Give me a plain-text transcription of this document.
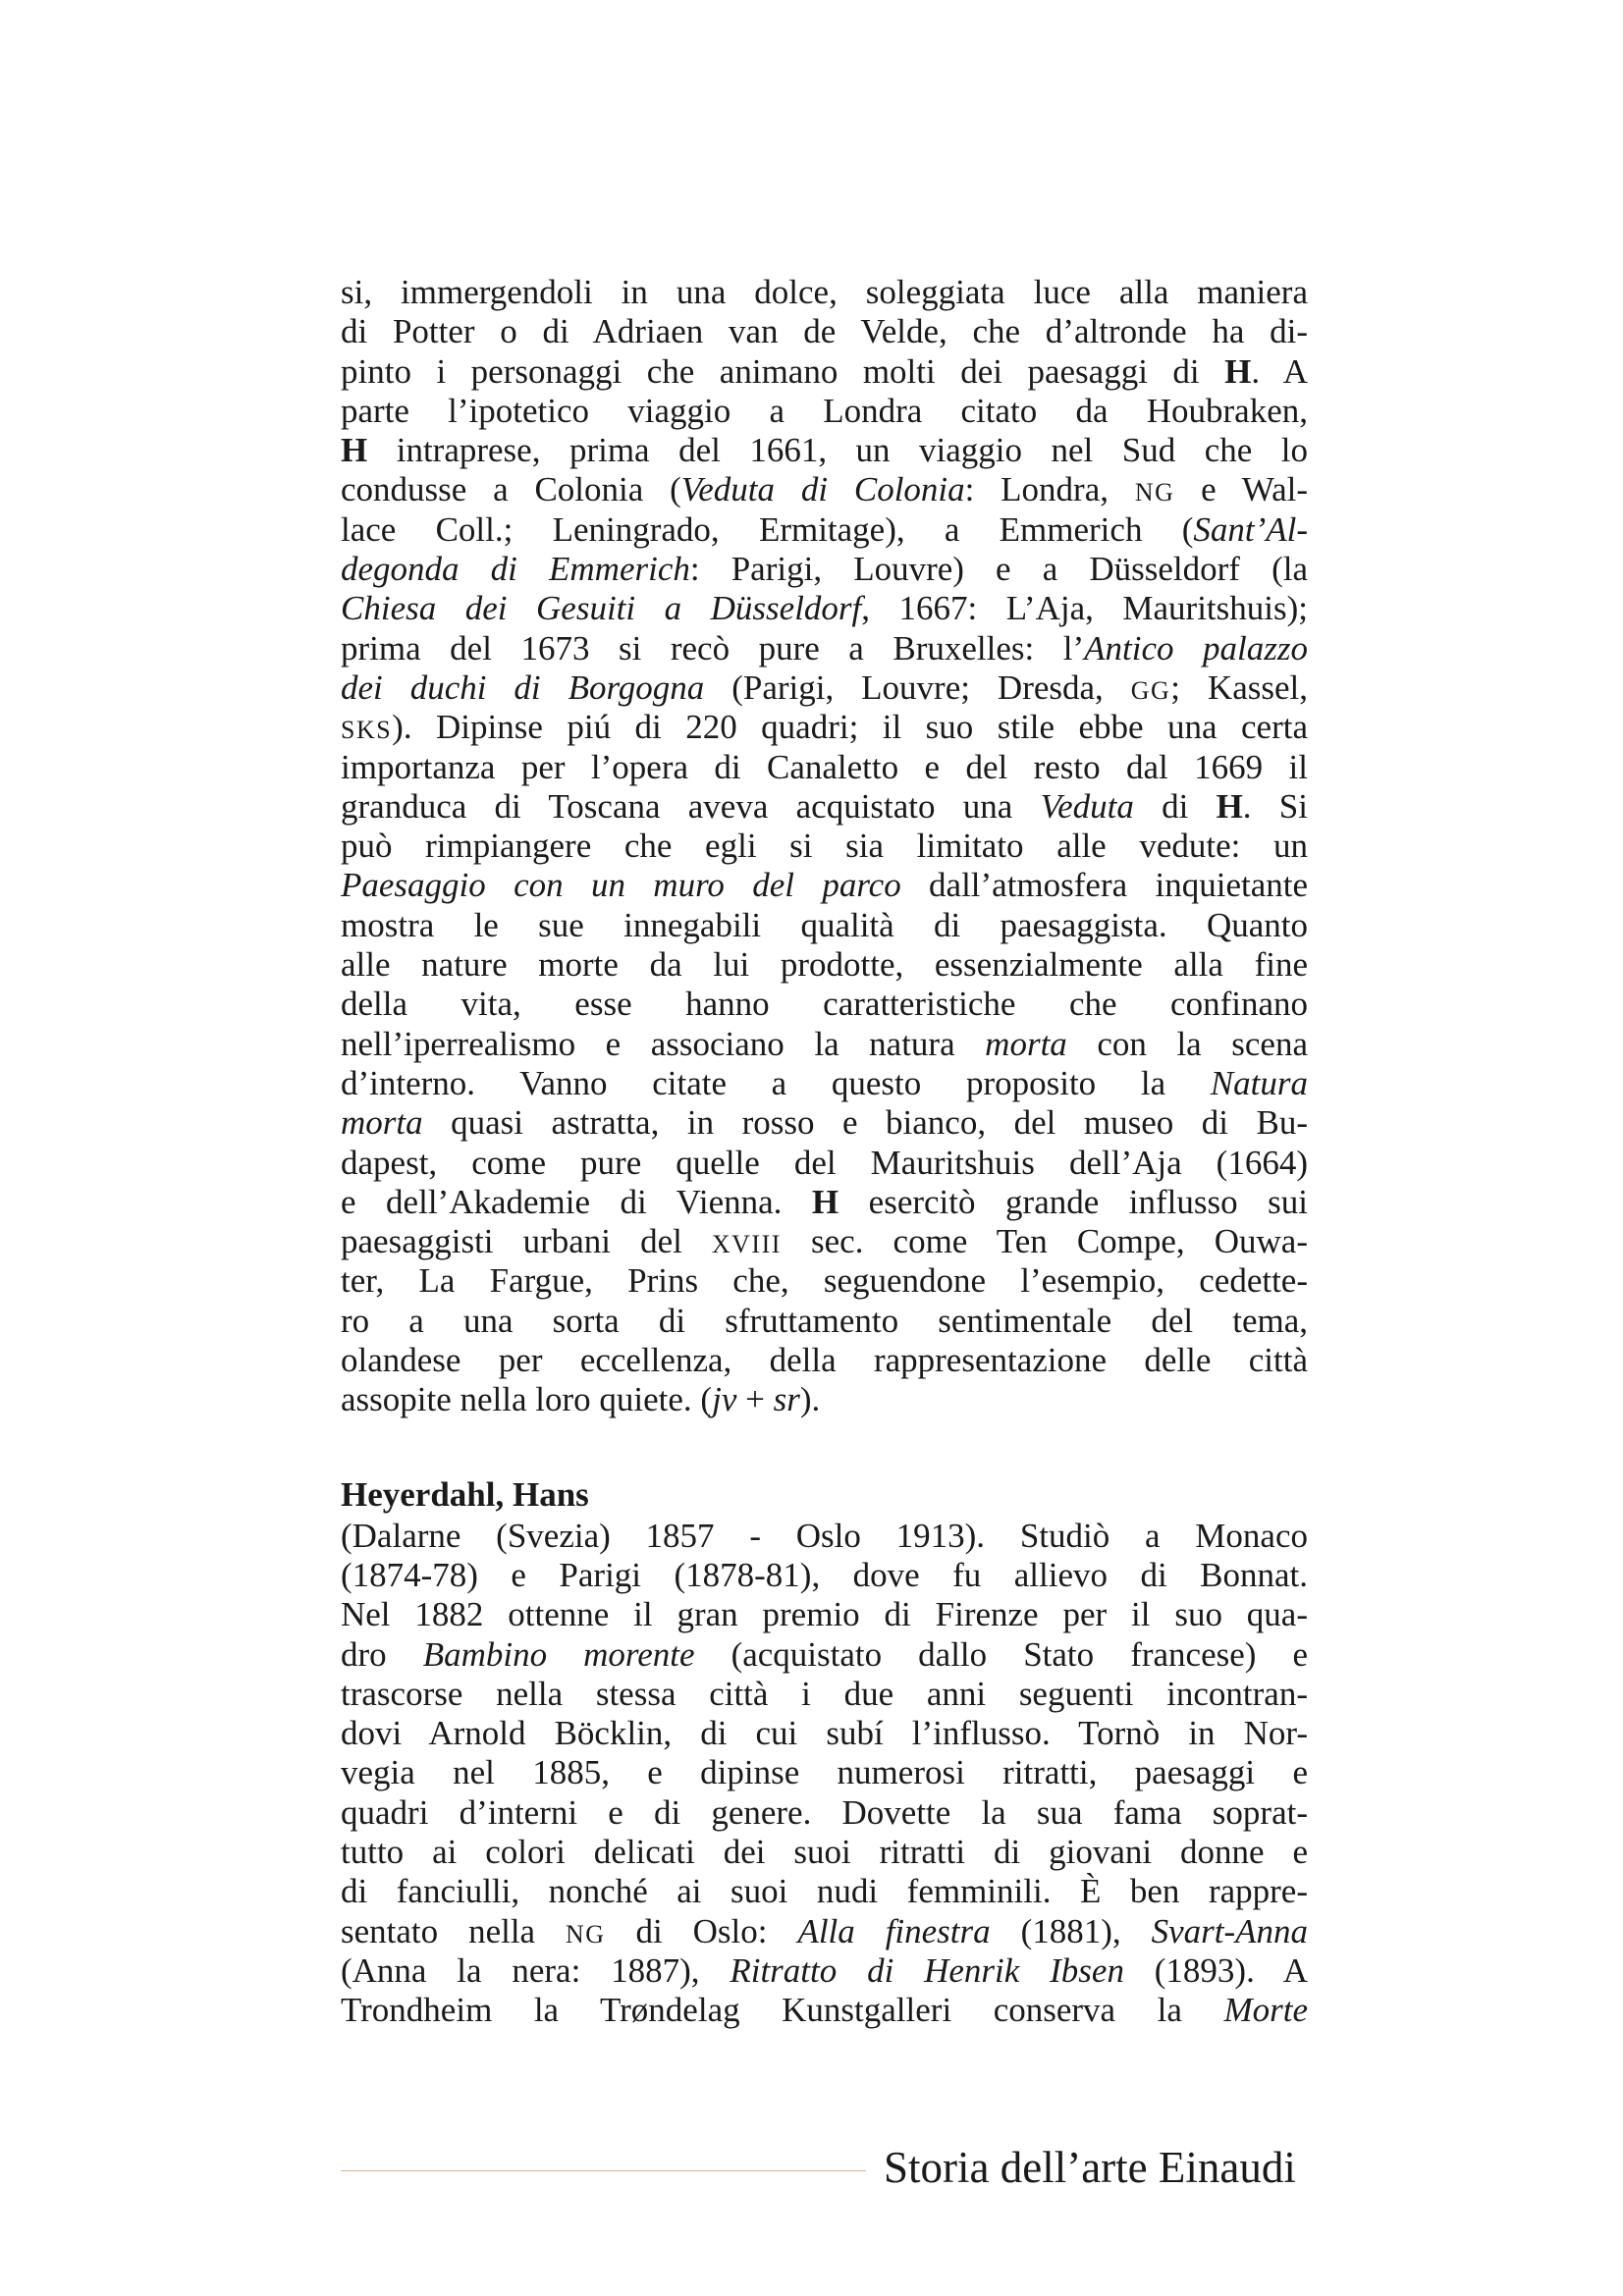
si, immergendoli in una dolce, soleggiata luce alla maniera
di Potter o di Adriaen van de Velde, che d’altronde ha di-
pinto i personaggi che animano molti dei paesaggi di H. A
parte l’ipotetico viaggio a Londra citato da Houbraken,
H intraprese, prima del 1661, un viaggio nel Sud che lo
condusse a Colonia (Veduta di Colonia: Londra, NG e Wal-
lace Coll.; Leningrado, Ermitage), a Emmerich (Sant’Al-
degonda di Emmerich: Parigi, Louvre) e a Düsseldorf (la
Chiesa dei Gesuiti a Düsseldorf, 1667: L’Aja, Mauritshuis);
prima del 1673 si recò pure a Bruxelles: l’Antico palazzo
dei duchi di Borgogna (Parigi, Louvre; Dresda, GG; Kassel,
SKS). Dipinse piú di 220 quadri; il suo stile ebbe una certa
importanza per l’opera di Canaletto e del resto dal 1669 il
granduca di Toscana aveva acquistato una Veduta di H. Si
può rimpiangere che egli si sia limitato alle vedute: un
Paesaggio con un muro del parco dall’atmosfera inquietante
mostra le sue innegabili qualità di paesaggista. Quanto
alle nature morte da lui prodotte, essenzialmente alla fine
della vita, esse hanno caratteristiche che confinano
nell’iperrealismo e associano la natura morta con la scena
d’interno. Vanno citate a questo proposito la Natura
morta quasi astratta, in rosso e bianco, del museo di Bu-
dapest, come pure quelle del Mauritshuis dell’Aja (1664)
e dell’Akademie di Vienna. H esercitò grande influsso sui
paesaggisti urbani del XVIII sec. come Ten Compe, Ouwa-
ter, La Fargue, Prins che, seguendone l’esempio, cedette-
ro a una sorta di sfruttamento sentimentale del tema,
olandese per eccellenza, della rappresentazione delle città
assopite nella loro quiete. (jv + sr).
Heyerdahl, Hans
(Dalarne (Svezia) 1857 - Oslo 1913). Studiò a Monaco
(1874-78) e Parigi (1878-81), dove fu allievo di Bonnat.
Nel 1882 ottenne il gran premio di Firenze per il suo qua-
dro Bambino morente (acquistato dallo Stato francese) e
trascorse nella stessa città i due anni seguenti incontran-
dovi Arnold Böcklin, di cui subí l’influsso. Tornò in Nor-
vegia nel 1885, e dipinse numerosi ritratti, paesaggi e
quadri d’interni e di genere. Dovette la sua fama soprat-
tutto ai colori delicati dei suoi ritratti di giovani donne e
di fanciulli, nonché ai suoi nudi femminili. È ben rappre-
sentato nella NG di Oslo: Alla finestra (1881), Svart-Anna
(Anna la nera: 1887), Ritratto di Henrik Ibsen (1893). A
Trondheim la Trøndelag Kunstgalleri conserva la Morte
Storia dell’arte Einaudi
